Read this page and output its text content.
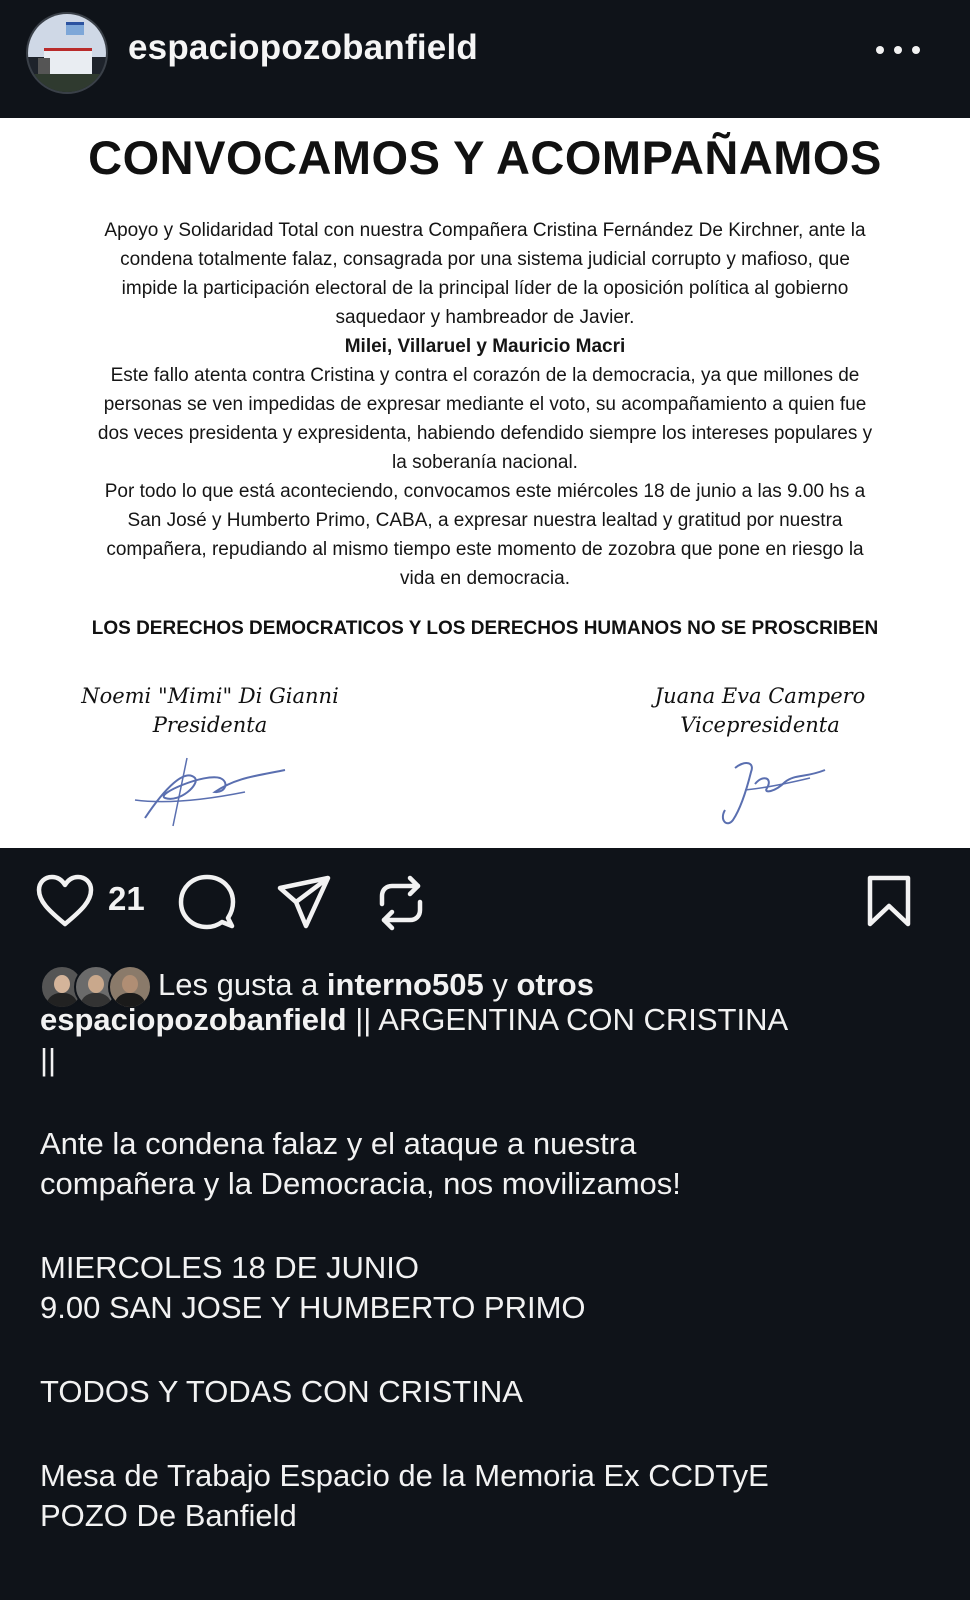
espaciopozobanfield
CONVOCAMOS Y ACOMPAÑAMOS

Apoyo y Solidaridad Total con nuestra Compañera Cristina Fernández De Kirchner, ante la

condena totalmente falaz, consagrada por una sistema judicial corrupto y mafioso, que

impide la participación electoral de la principal líder de la oposición política al gobierno

saquedaor y hambreador de Javier.

Milei, Villaruel y Mauricio Macri

Este fallo atenta contra Cristina y contra el corazón de la democracia, ya que millones de

personas se ven impedidas de expresar mediante el voto, su acompañamiento a quien fue

dos veces presidenta y expresidenta, habiendo defendido siempre los intereses populares y

la soberanía nacional.

Por todo lo que está aconteciendo, convocamos este miércoles 18 de junio a las 9.00 hs a

San José y Humberto Primo, CABA, a expresar nuestra lealtad y gratitud por nuestra

compañera, repudiando al mismo tiempo este momento de zozobra que pone en riesgo la

vida en democracia.

LOS DERECHOS DEMOCRATICOS Y LOS DERECHOS HUMANOS NO SE PROSCRIBEN
Noemi "Mimi" Di Gianni
Presidenta
Juana Eva Campero
Vicepresidenta
21
Les gusta a interno505 y otros
espaciopozobanfield || ARGENTINA CON CRISTINA
||
Ante la condena falaz y el ataque a nuestra
compañera y la Democracia, nos movilizamos!
MIERCOLES 18 DE JUNIO
9.00 SAN JOSE Y HUMBERTO PRIMO
TODOS Y TODAS CON CRISTINA
Mesa de Trabajo Espacio de la Memoria Ex CCDTyE
POZO De Banfield
